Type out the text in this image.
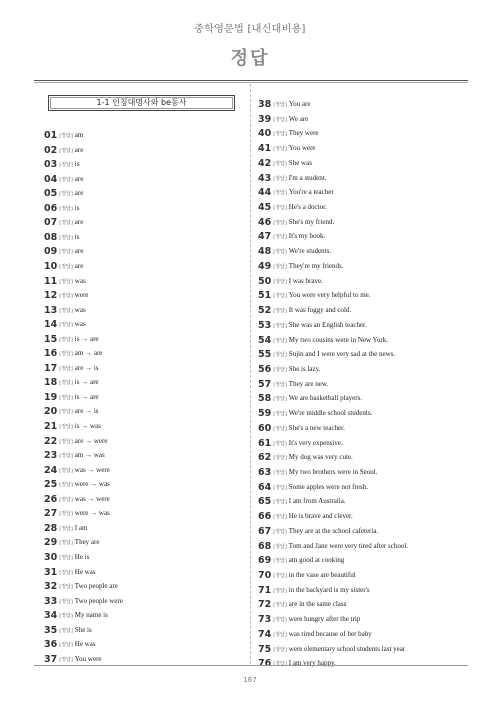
중학영문법 [내신대비용]
정답
1-1 인칭대명사와 be동사
01 [정답] am
02 [정답] are
03 [정답] is
04 [정답] are
05 [정답] are
06 [정답] is
07 [정답] are
08 [정답] is
09 [정답] are
10 [정답] are
11 [정답] was
12 [정답] were
13 [정답] was
14 [정답] was
15 [정답] is → are
16 [정답] am → are
17 [정답] are → is
18 [정답] is → are
19 [정답] is → are
20 [정답] are → is
21 [정답] is → was
22 [정답] are → were
23 [정답] am → was
24 [정답] was → were
25 [정답] were → was
26 [정답] was → were
27 [정답] were → was
28 [정답] I am
29 [정답] They are
30 [정답] He is
31 [정답] He was
32 [정답] Two people are
33 [정답] Two people were
34 [정답] My name is
35 [정답] She is
36 [정답] He was
37 [정답] You were
38 [정답] You are
39 [정답] We are
40 [정답] They were
41 [정답] You were
42 [정답] She was
43 [정답] I'm a student.
44 [정답] You're a teacher
45 [정답] He's a doctor.
46 [정답] She's my friend.
47 [정답] It's my book.
48 [정답] We're students.
49 [정답] They're my friends.
50 [정답] I was brave.
51 [정답] You were very helpful to me.
52 [정답] It was foggy and cold.
53 [정답] She was an English teacher.
54 [정답] My two cousins were in New York.
55 [정답] Sujin and I were very sad at the news.
56 [정답] She is lazy.
57 [정답] They are new.
58 [정답] We are basketball players.
59 [정답] We're middle school students.
60 [정답] She's a new teacher.
61 [정답] It's very expensive.
62 [정답] My dog was very cute.
63 [정답] My two brothers were in Seoul.
64 [정답] Some apples were not fresh.
65 [정답] I am from Australia.
66 [정답] He is brave and clever.
67 [정답] They are at the school cafeteria.
68 [정답] Tom and Jane were very tired after school.
69 [정답] am good at cooking
70 [정답] in the vase are beautiful
71 [정답] in the backyard is my sister's
72 [정답] are in the same class
73 [정답] were hungry after the trip
74 [정답] was tired because of her baby
75 [정답] were elementary school students last year
76 [정답] I am very happy.
167
